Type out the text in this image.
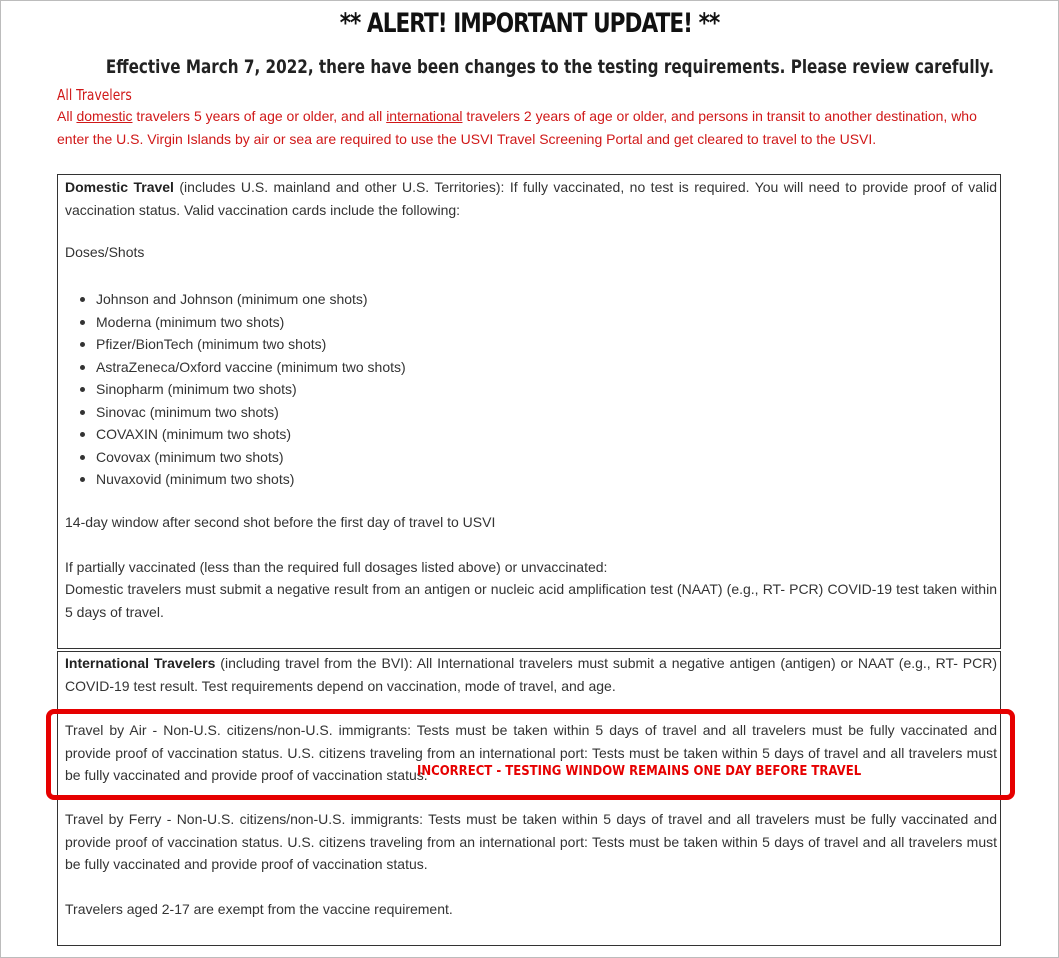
** ALERT! IMPORTANT UPDATE! **
Effective March 7, 2022, there have been changes to the testing requirements. Please review carefully.
All Travelers

All domestic travelers 5 years of age or older, and all international travelers 2 years of age or older, and persons in transit to another destination, who enter the U.S. Virgin Islands by air or sea are required to use the USVI Travel Screening Portal and get cleared to travel to the USVI.

Domestic Travel (includes U.S. mainland and other U.S. Territories): If fully vaccinated, no test is required. You will need to provide proof of valid vaccination status. Valid vaccination cards include the following:

Doses/Shots

Johnson and Johnson (minimum one shots)
Moderna (minimum two shots)
Pfizer/BionTech (minimum two shots)
AstraZeneca/Oxford vaccine (minimum two shots)
Sinopharm (minimum two shots)
Sinovac (minimum two shots)
COVAXIN (minimum two shots)
Covovax (minimum two shots)
Nuvaxovid (minimum two shots)

14-day window after second shot before the first day of travel to USVI

If partially vaccinated (less than the required full dosages listed above) or unvaccinated:

Domestic travelers must submit a negative result from an antigen or nucleic acid amplification test (NAAT) (e.g., RT- PCR) COVID-19 test taken within 5 days of travel.

International Travelers (including travel from the BVI): All International travelers must submit a negative antigen (antigen) or NAAT (e.g., RT- PCR) COVID-19 test result. Test requirements depend on vaccination, mode of travel, and age.

Travel by Air - Non-U.S. citizens/non-U.S. immigrants: Tests must be taken within 5 days of travel and all travelers must be fully vaccinated and provide proof of vaccination status. U.S. citizens traveling from an international port: Tests must be taken within 5 days of travel and all travelers must be fully vaccinated and provide proof of vaccination status.

Travel by Ferry - Non-U.S. citizens/non-U.S. immigrants: Tests must be taken within 5 days of travel and all travelers must be fully vaccinated and provide proof of vaccination status. U.S. citizens traveling from an international port: Tests must be taken within 5 days of travel and all travelers must be fully vaccinated and provide proof of vaccination status.

Travelers aged 2-17 are exempt from the vaccine requirement.

INCORRECT - TESTING WINDOW REMAINS ONE DAY BEFORE TRAVEL
